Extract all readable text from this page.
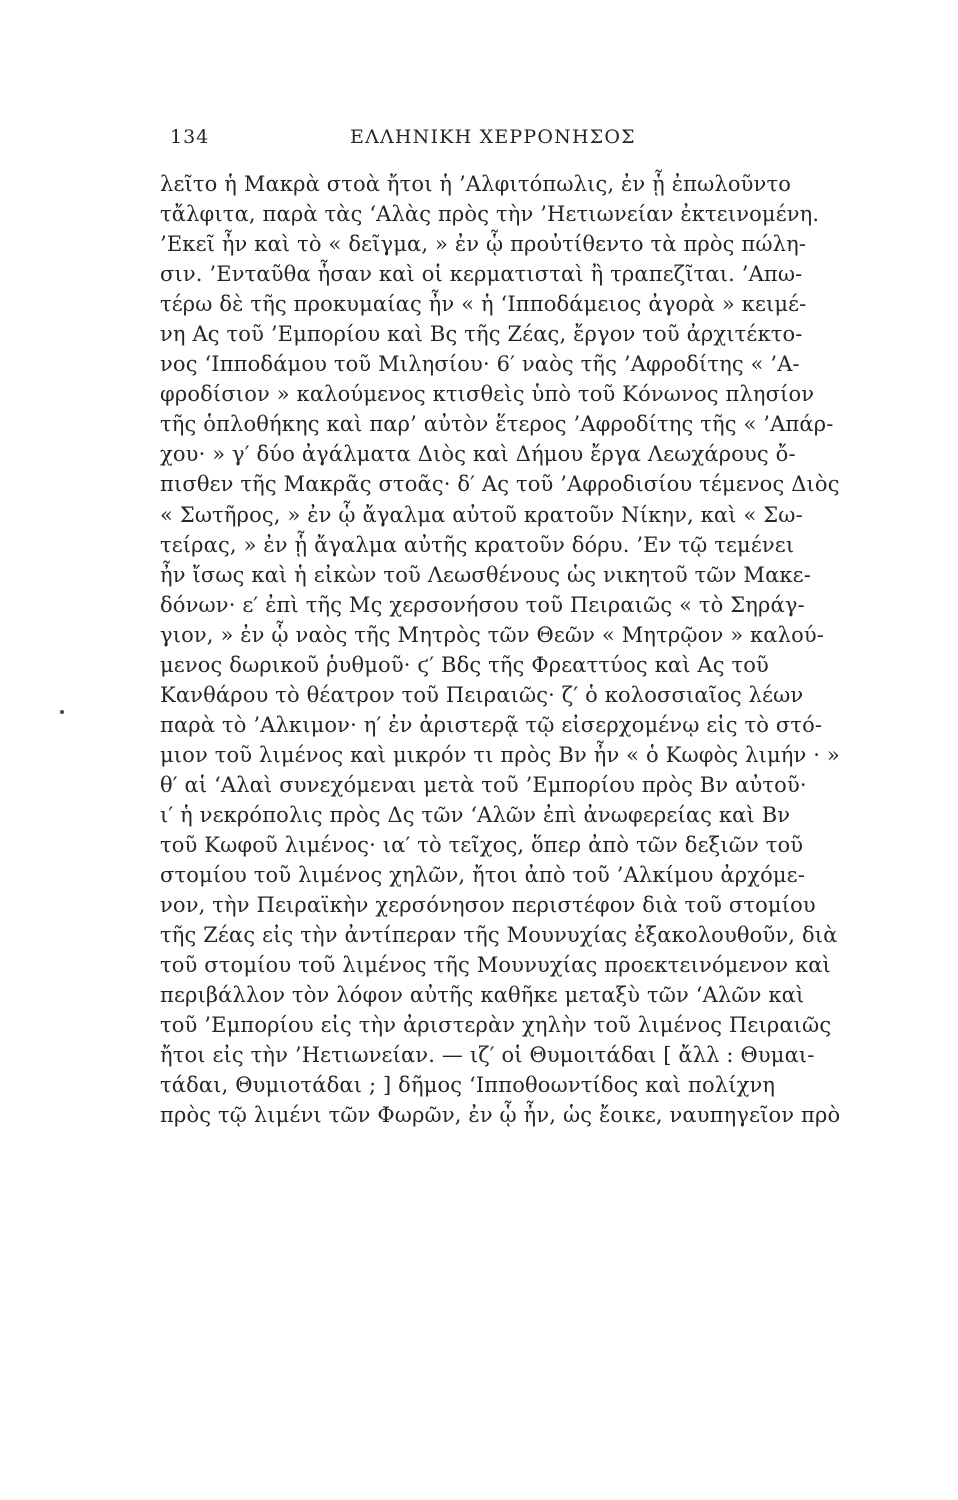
134	ΕΛΛΗΝΙΚΗ ΧΕΡΡΟΝΗΣΟΣ
λεῖτο ἡ Μακρὰ στοὰ ἤτοι ἡ ’Αλφιτόπωλις, ἐν ᾗ ἐπωλοῦντο
τἄλφιτα, παρὰ τὰς ‘Αλὰς πρὸς τὴν ’Ηετιωνείαν ἐκτεινομένη.
’Εκεῖ ἦν καὶ τὸ « δεῖγμα, » ἐν ᾧ προὐτίθεντο τὰ πρὸς πώλη-
σιν. ’Ενταῦθα ἦσαν καὶ οἱ κερματισταὶ ἢ τραπεζῖται. ’Απω-
τέρω δὲ τῆς προκυμαίας ἦν « ἡ ‘Ιπποδάμειος ἀγορὰ » κειμέ-
νη Aς τοῦ ’Εμπορίου καὶ Bς τῆς Ζέας, ἔργον τοῦ ἀρχιτέκτο-
νος ‘Ιπποδάμου τοῦ Μιλησίου· 6′ ναὸς τῆς ’Αφροδίτης « ’Α-
φροδίσιον » καλούμενος κτισθεὶς ὑπὸ τοῦ Κόνωνος πλησίον
τῆς ὁπλοθήκης καὶ παρ’ αὐτὸν ἕτερος ’Αφροδίτης τῆς « ’Απάρ-
χου· » γ′ δύο ἀγάλματα Διὸς καὶ Δήμου ἔργα Λεωχάρους ὄ-
πισθεν τῆς Μακρᾶς στοᾶς· δ′ Aς τοῦ ’Αφροδισίου τέμενος Διὸς
« Σωτῆρος, » ἐν ᾧ ἄγαλμα αὐτοῦ κρατοῦν Νίκην, καὶ « Σω-
τείρας, » ἐν ᾗ ἄγαλμα αὐτῆς κρατοῦν δόρυ. ’Εν τῷ τεμένει
ἦν ἴσως καὶ ἡ εἰκὼν τοῦ Λεωσθένους ὡς νικητοῦ τῶν Μακε-
δόνων· ε′ ἐπὶ τῆς Mς χερσονήσου τοῦ Πειραιῶς « τὸ Σηράγ-
γιον, » ἐν ᾧ ναὸς τῆς Μητρὸς τῶν Θεῶν « Μητρῷον » καλού-
μενος δωρικοῦ ῥυθμοῦ· ϛ′ Bδς τῆς Φρεαττύος καὶ Aς τοῦ
Κανθάρου τὸ θέατρον τοῦ Πειραιῶς· ζ′ ὁ κολοσσιαῖος λέων
παρὰ τὸ ’Αλκιμον· η′ ἐν ἀριστερᾷ τῷ εἰσερχομένῳ εἰς τὸ στό-
μιον τοῦ λιμένος καὶ μικρόν τι πρὸς Bν ἦν « ὁ Κωφὸς λιμήν · »
θ′ αἱ ‘Αλαὶ συνεχόμεναι μετὰ τοῦ ’Εμπορίου πρὸς Bν αὐτοῦ·
ι′ ἡ νεκρόπολις πρὸς Δς τῶν ‘Αλῶν ἐπὶ ἀνωφερείας καὶ Bν
τοῦ Κωφοῦ λιμένος· ια′ τὸ τεῖχος, ὅπερ ἀπὸ τῶν δεξιῶν τοῦ
στομίου τοῦ λιμένος χηλῶν, ἤτοι ἀπὸ τοῦ ’Αλκίμου ἀρχόμε-
νον, τὴν Πειραϊκὴν χερσόνησον περιστέφον διὰ τοῦ στομίου
τῆς Ζέας εἰς τὴν ἀντίπεραν τῆς Μουνυχίας ἐξακολουθοῦν, διὰ
τοῦ στομίου τοῦ λιμένος τῆς Μουνυχίας προεκτεινόμενον καὶ
περιβάλλον τὸν λόφον αὐτῆς καθῆκε μεταξὺ τῶν ‘Αλῶν καὶ
τοῦ ’Εμπορίου εἰς τὴν ἀριστερὰν χηλὴν τοῦ λιμένος Πειραιῶς
ἤτοι εἰς τὴν ’Ηετιωνείαν. — ιζ′ οἱ Θυμοιτάδαι [ ἄλλ : Θυμαι-
τάδαι, Θυμιοτάδαι ; ] δῆμος ‘Ιπποθοωντίδος καὶ πολίχνη
πρὸς τῷ λιμένι τῶν Φωρῶν, ἐν ᾧ ἦν, ὡς ἔοικε, ναυπηγεῖον πρὸ
